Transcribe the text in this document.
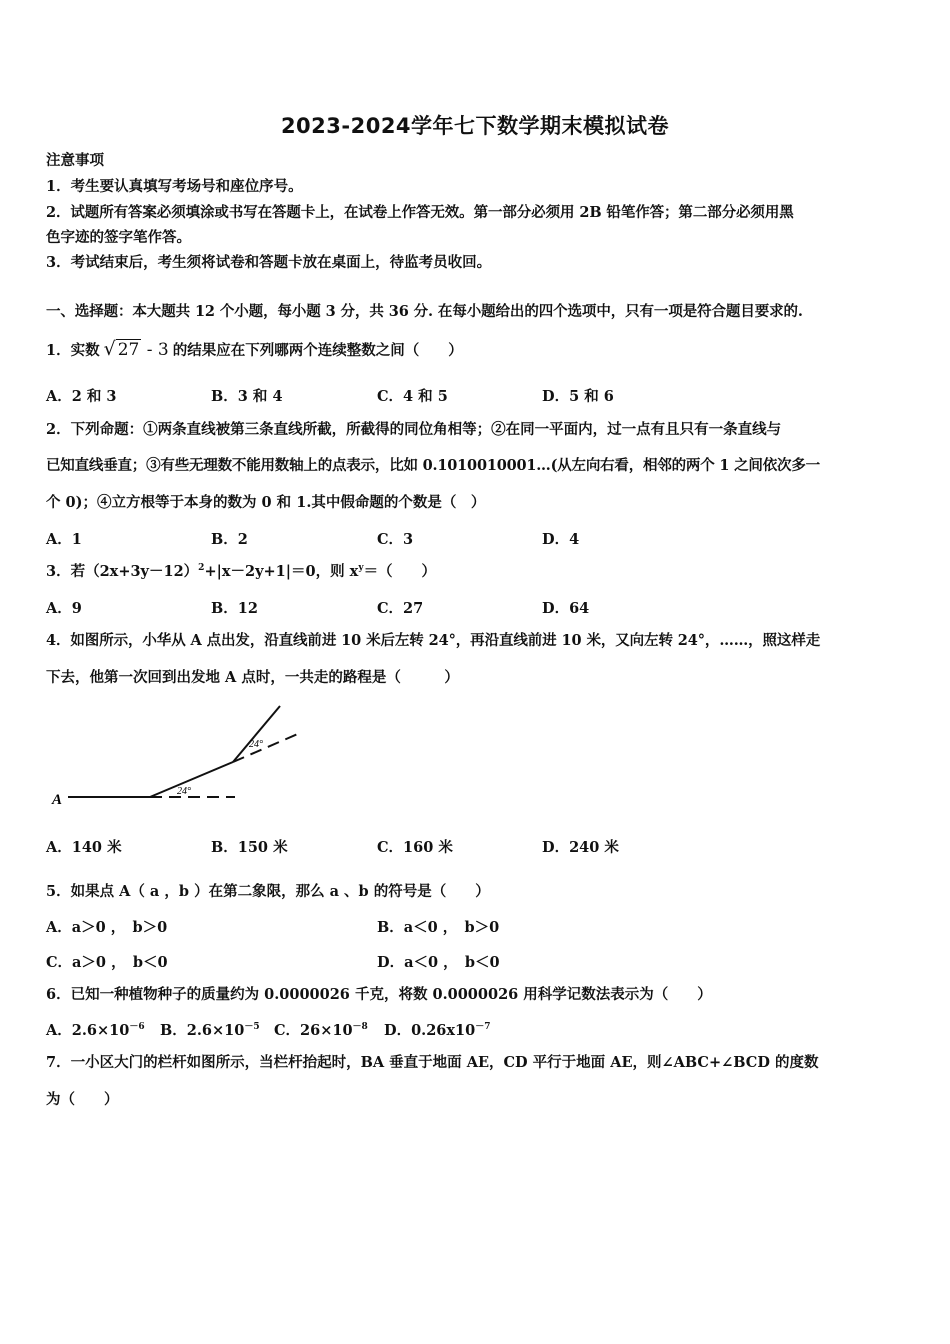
2023-2024学年七下数学期末模拟试卷
注意事项
1．考生要认真填写考场号和座位序号。
2．试题所有答案必须填涂或书写在答题卡上，在试卷上作答无效。第一部分必须用 2B 铅笔作答；第二部分必须用黑
色字迹的签字笔作答。
3．考试结束后，考生须将试卷和答题卡放在桌面上，待监考员收回。
一、选择题：本大题共 12 个小题，每小题 3 分，共 36 分. 在每小题给出的四个选项中，只有一项是符合题目要求的.
1．实数 √ 27 - 3 的结果应在下列哪两个连续整数之间（　　）
A．2 和 3	B．3 和 4	C．4 和 5	D．5 和 6
2．下列命题：①两条直线被第三条直线所截，所截得的同位角相等；②在同一平面内，过一点有且只有一条直线与
已知直线垂直；③有些无理数不能用数轴上的点表示，比如 0.1010010001…(从左向右看，相邻的两个 1 之间依次多一
个 0)；④立方根等于本身的数为 0 和 1.其中假命题的个数是（　）
A．1	B．2	C．3	D．4
3．若$(2x+3y-12)^2+|x-2y+1|=0$，则 $x^y=$（　　）
A．9	B．12	C．27	D．64
4．如图所示，小华从 A 点出发，沿直线前进 10 米后左转 24°，再沿直线前进 10 米，又向左转 24°，……，照这样走
下去，他第一次回到出发地 A 点时，一共走的路程是（　　　）
A
24°
24°
A．140 米	B．150 米	C．160 米	D．240 米
5．如果点 A（ a ，b ）在第二象限，那么 a 、b 的符号是（　　）
A．a＞0 ，　b＞0	B．a＜0 ，　b＞0
C．a＞0 ，　b＜0	D．a＜0 ，　b＜0
6．已知一种植物种子的质量约为 0.0000026 千克，将数 0.0000026 用科学记数法表示为（　　）
A．$2.6\times 10^{-6}$ B．$2.6\times 10^{-5}$ C．$26\times 10^{-8}$ D．$0.26x10^{-7}$
7．一小区大门的栏杆如图所示，当栏杆抬起时，BA 垂直于地面 AE，CD 平行于地面 AE，则∠ABC+∠BCD 的度数
为（　　）
